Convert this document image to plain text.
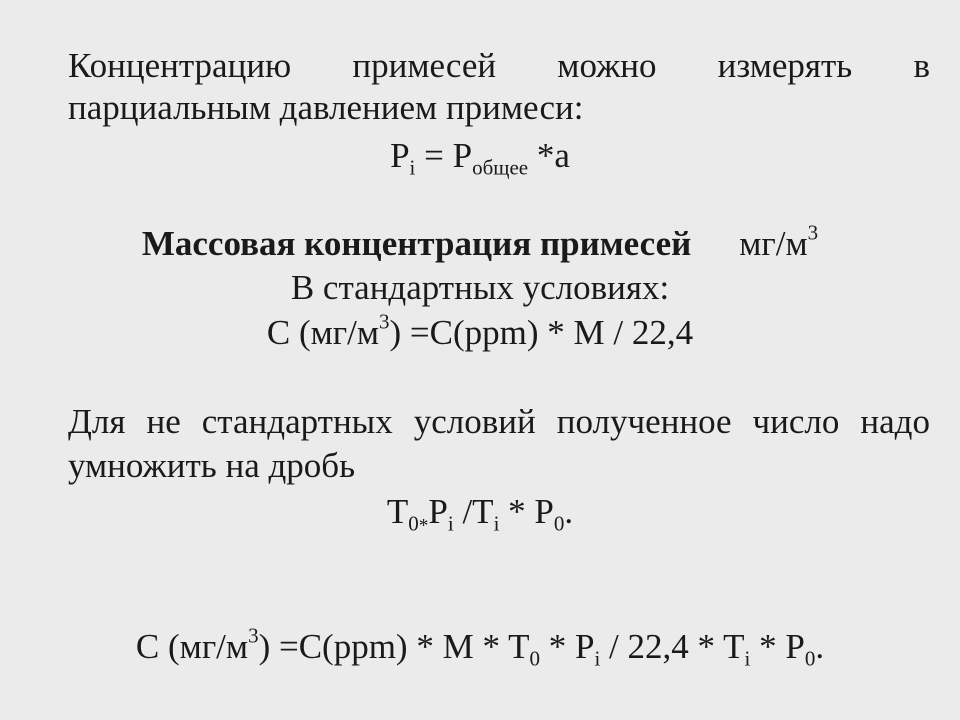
Концентрацию примесей можно измерять в
парциальным давлением примеси:
$P_i = P_{общее}$ *a
Массовая концентрация примесей $мг/м^3$
В стандартных условиях:
С $(мг/м^3) =C(ppm) * M / 22,4$
Для не стандартных условий полученное число надо
умножить на дробь
$T_{0*}P_i$ $/T_i * P_0$.
С $(мг/м^3) =C(ppm) * M * T_0 * P_i / 22,4 * T_i * P_0$.
